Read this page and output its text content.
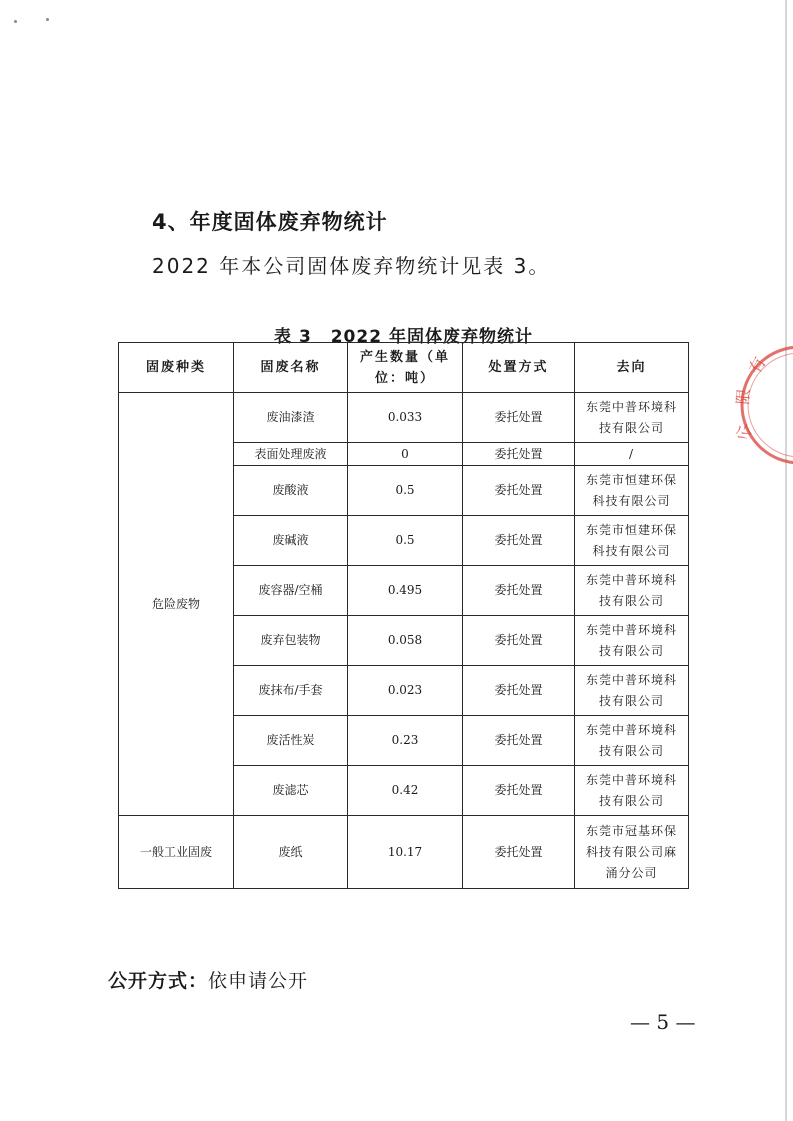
4、年度固体废弃物统计
2022 年本公司固体废弃物统计见表 3。
表 3 2022 年固体废弃物统计
固废种类	固废名称	产生数量（单位：吨）	处置方式	去向
危险废物	废油漆渣	0.033	委托处置	东莞中普环境科技有限公司
	表面处理废液	0	委托处置	/
	废酸液	0.5	委托处置	东莞市恒建环保科技有限公司
	废碱液	0.5	委托处置	东莞市恒建环保科技有限公司
	废容器/空桶	0.495	委托处置	东莞中普环境科技有限公司
	废弃包装物	0.058	委托处置	东莞中普环境科技有限公司
	废抹布/手套	0.023	委托处置	东莞中普环境科技有限公司
	废活性炭	0.23	委托处置	东莞中普环境科技有限公司
	废滤芯	0.42	委托处置	东莞中普环境科技有限公司
一般工业固废	废纸	10.17	委托处置	东莞市冠基环保科技有限公司麻涌分公司
有
限
公
公开方式：依申请公开
— 5 —
